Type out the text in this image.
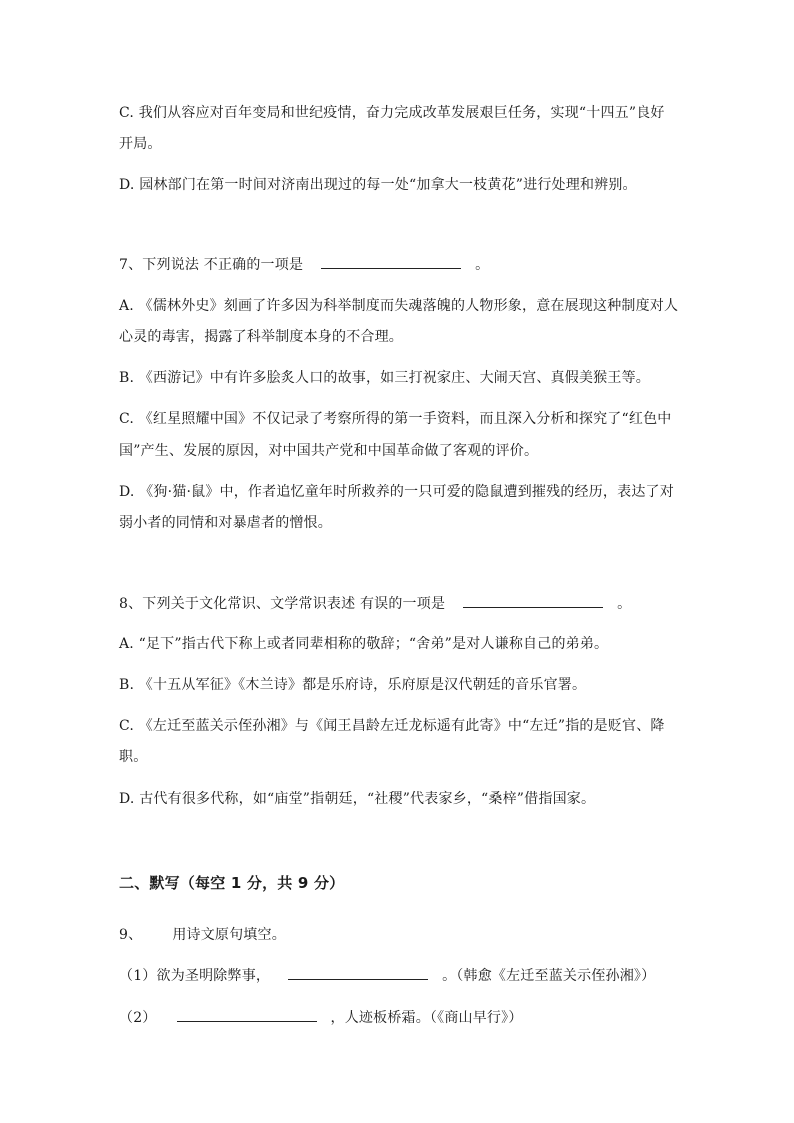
C. 我们从容应对百年变局和世纪疫情，奋力完成改革发展艰巨任务，实现“十四五”良好
开局。
D. 园林部门在第一时间对济南出现过的每一处“加拿大一枝黄花”进行处理和辨别。
7、下列说法 不正确的一项是	。
A. 《儒林外史》刻画了许多因为科举制度而失魂落魄的人物形象，意在展现这种制度对人
心灵的毒害，揭露了科举制度本身的不合理。
B. 《西游记》中有许多脍炙人口的故事，如三打祝家庄、大闹天宫、真假美猴王等。
C. 《红星照耀中国》不仅记录了考察所得的第一手资料，而且深入分析和探究了“红色中
国”产生、发展的原因，对中国共产党和中国革命做了客观的评价。
D. 《狗·猫·鼠》中，作者追忆童年时所救养的一只可爱的隐鼠遭到摧残的经历，表达了对
弱小者的同情和对暴虐者的憎恨。
8、下列关于文化常识、文学常识表述 有误的一项是	。
A. “足下”指古代下称上或者同辈相称的敬辞；“舍弟”是对人谦称自己的弟弟。
B. 《十五从军征》《木兰诗》都是乐府诗，乐府原是汉代朝廷的音乐官署。
C. 《左迁至蓝关示侄孙湘》与《闻王昌龄左迁龙标遥有此寄》中“左迁”指的是贬官、降
职。
D. 古代有很多代称，如“庙堂”指朝廷，“社稷”代表家乡，“桑梓”借指国家。
二、默写（每空 1 分，共 9 分）
9、 用诗文原句填空。
（1）欲为圣明除弊事，	。（韩愈《左迁至蓝关示侄孙湘》）
（2）	，人迹板桥霜。（《商山早行》）
